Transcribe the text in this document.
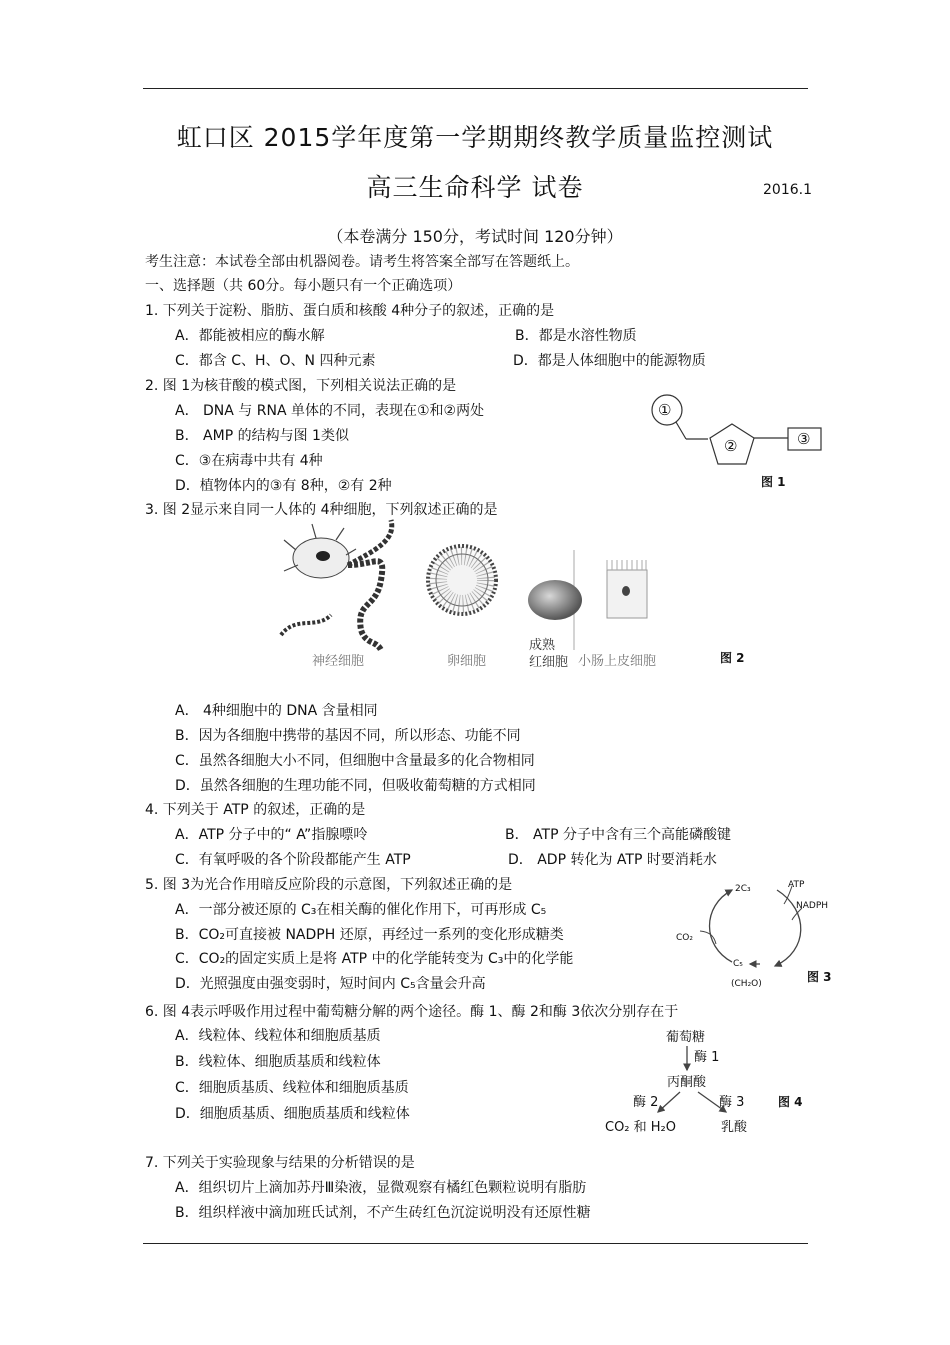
虹口区 2015学年度第一学期期终教学质量监控测试
高三生命科学 试卷	2016.1
（本卷满分 150分，考试时间 120分钟）
考生注意：本试卷全部由机器阅卷。请考生将答案全部写在答题纸上。
一、选择题（共 60分。每小题只有一个正确选项）
1. 下列关于淀粉、脂肪、蛋白质和核酸 4种分子的叙述，正确的是
A．都能被相应的酶水解	B．都是水溶性物质
C．都含 C、H、O、N 四种元素	D．都是人体细胞中的能源物质
2. 图 1为核苷酸的模式图，下列相关说法正确的是
A． DNA 与 RNA 单体的不同，表现在①和②两处
B． AMP 的结构与图 1类似
C．③在病毒中共有 4种
D．植物体内的③有 8种，②有 2种
①
②	③
图 1
3. 图 2显示来自同一人体的 4种细胞，下列叙述正确的是
神经细胞	卵细胞
成熟
红细胞 小肠上皮细胞	图 2
A． 4种细胞中的 DNA 含量相同
B．因为各细胞中携带的基因不同，所以形态、功能不同
C．虽然各细胞大小不同，但细胞中含量最多的化合物相同
D．虽然各细胞的生理功能不同，但吸收葡萄糖的方式相同
4. 下列关于 ATP 的叙述，正确的是
A．ATP 分子中的“ A”指腺嘌呤	B． ATP 分子中含有三个高能磷酸键
C．有氧呼吸的各个阶段都能产生 ATP	D． ADP 转化为 ATP 时要消耗水
5. 图 3为光合作用暗反应阶段的示意图，下列叙述正确的是
A．一部分被还原的 C₃在相关酶的催化作用下，可再形成 C₅
B．CO₂可直接被 NADPH 还原，再经过一系列的变化形成糖类
C．CO₂的固定实质上是将 ATP 中的化学能转变为 C₃中的化学能
D．光照强度由强变弱时，短时间内 C₅含量会升高
2C₃	ATP
NADPH
CO₂
C₅
(CH₂O)	图 3
6. 图 4表示呼吸作用过程中葡萄糖分解的两个途径。酶 1、酶 2和酶 3依次分别存在于
A．线粒体、线粒体和细胞质基质
B．线粒体、细胞质基质和线粒体
C．细胞质基质、线粒体和细胞质基质
D．细胞质基质、细胞质基质和线粒体
葡萄糖
酶 1
丙酮酸
酶 2	酶 3
CO₂ 和 H₂O	乳酸
图 4
7. 下列关于实验现象与结果的分析错误的是
A．组织切片上滴加苏丹Ⅲ染液，显微观察有橘红色颗粒说明有脂肪
B．组织样液中滴加班氏试剂，不产生砖红色沉淀说明没有还原性糖
